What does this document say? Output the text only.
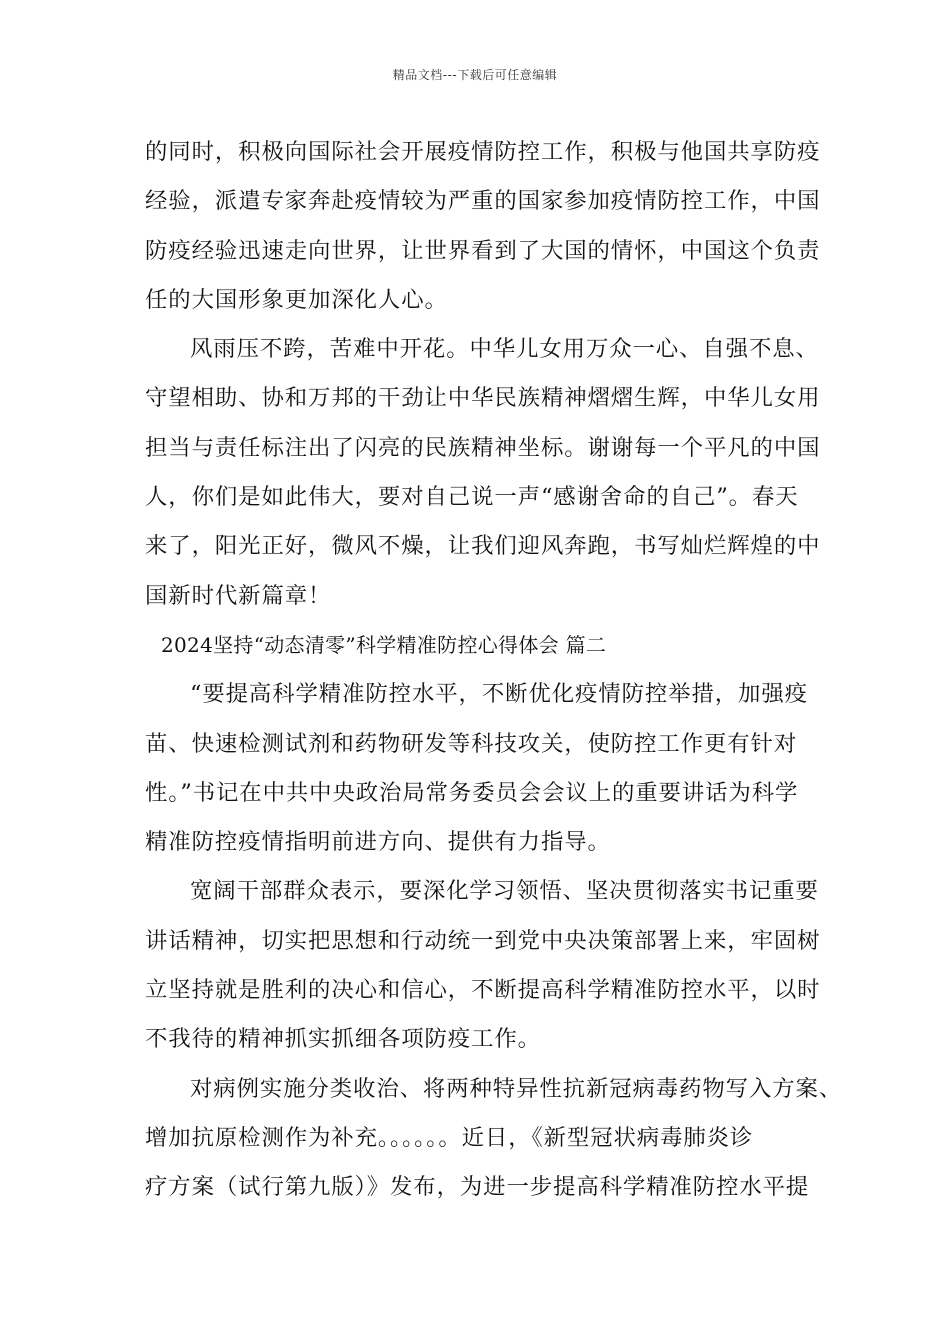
精品文档---下载后可任意编辑
的同时，积极向国际社会开展疫情防控工作，积极与他国共享防疫
经验，派遣专家奔赴疫情较为严重的国家参加疫情防控工作，中国
防疫经验迅速走向世界，让世界看到了大国的情怀，中国这个负责
任的大国形象更加深化人心。
风雨压不跨，苦难中开花。中华儿女用万众一心、自强不息、
守望相助、协和万邦的干劲让中华民族精神熠熠生辉，中华儿女用
担当与责任标注出了闪亮的民族精神坐标。谢谢每一个平凡的中国
人，你们是如此伟大，要对自己说一声“感谢舍命的自己”。春天
来了，阳光正好，微风不燥，让我们迎风奔跑，书写灿烂辉煌的中
国新时代新篇章！
2024坚持“动态清零”科学精准防控心得体会 篇二
“要提高科学精准防控水平，不断优化疫情防控举措，加强疫
苗、快速检测试剂和药物研发等科技攻关，使防控工作更有针对
性。”书记在中共中央政治局常务委员会会议上的重要讲话为科学
精准防控疫情指明前进方向、提供有力指导。
宽阔干部群众表示，要深化学习领悟、坚决贯彻落实书记重要
讲话精神，切实把思想和行动统一到党中央决策部署上来，牢固树
立坚持就是胜利的决心和信心，不断提高科学精准防控水平，以时
不我待的精神抓实抓细各项防疫工作。
对病例实施分类收治、将两种特异性抗新冠病毒药物写入方案、
增加抗原检测作为补充。。。。。。近日，《新型冠状病毒肺炎诊
疗方案（试行第九版）》发布，为进一步提高科学精准防控水平提
